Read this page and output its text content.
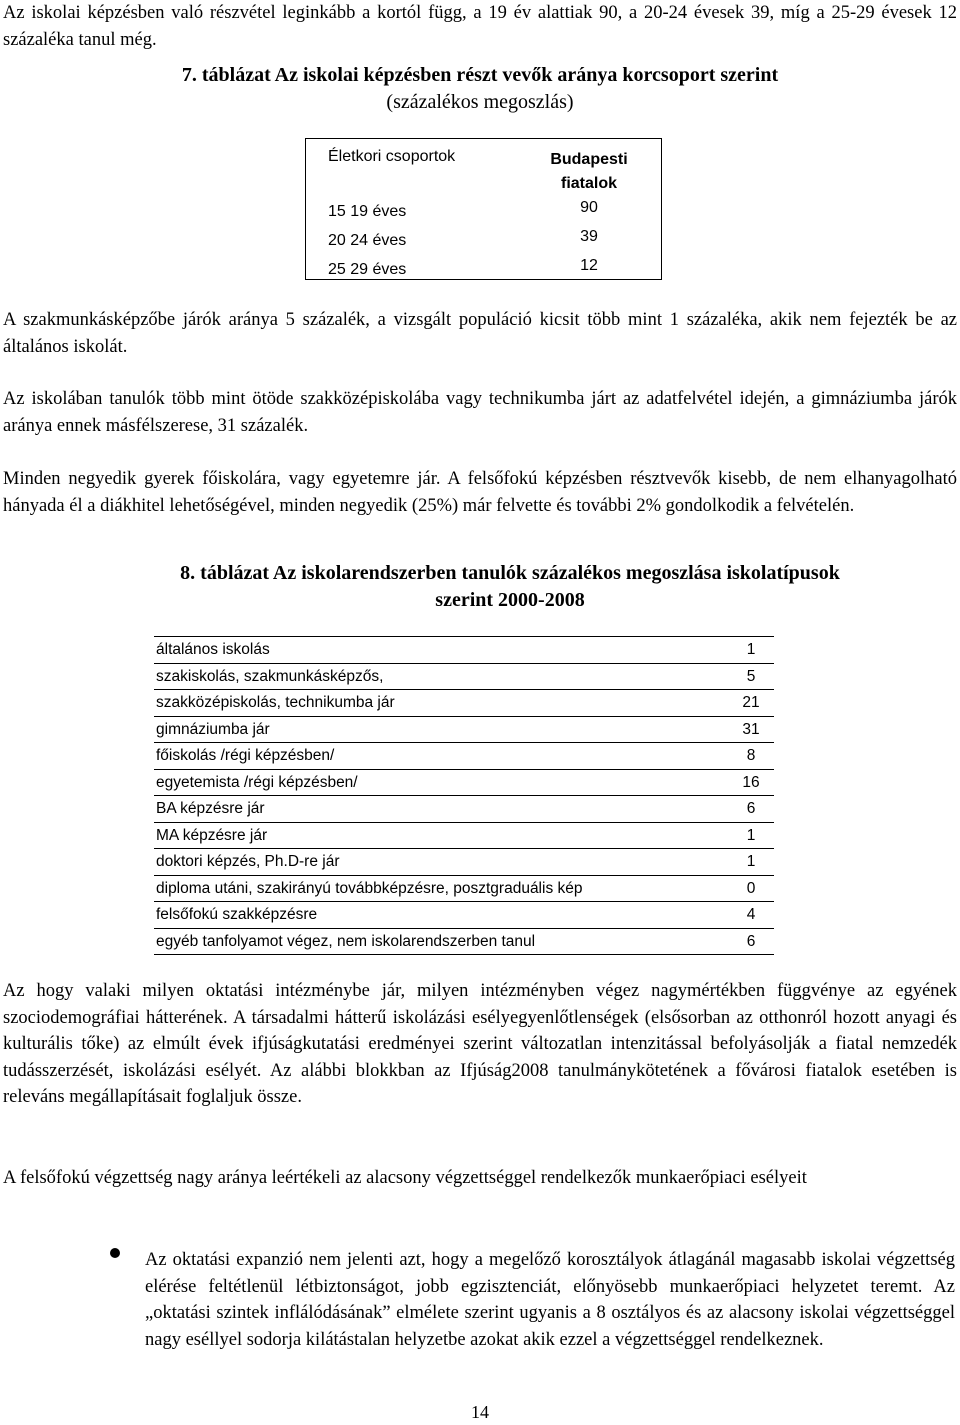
Az iskolai képzésben való részvétel leginkább a kortól függ, a 19 év alattiak 90, a 20-24 évesek 39, míg a 25-29 évesek 12 százaléka tanul még.

7. táblázat Az iskolai képzésben részt vevők aránya korcsoport szerint
(százalékos megoszlás)

Életkori csoportok	Budapesti
fiatalok
15 19 éves	90
20 24 éves	39
25 29 éves	12

A szakmunkásképzőbe járók aránya 5 százalék, a vizsgált populáció kicsit több mint 1 százaléka, akik nem fejezték be az általános iskolát.

Az iskolában tanulók több mint ötöde szakközépiskolába vagy technikumba járt az adatfelvétel idején, a gimnáziumba járók aránya ennek másfélszerese, 31 százalék.

Minden negyedik gyerek főiskolára, vagy egyetemre jár. A felsőfokú képzésben résztvevők kisebb, de nem elhanyagolható hányada él a diákhitel lehetőségével, minden negyedik (25%) már felvette és további 2% gondolkodik a felvételén.

8. táblázat Az iskolarendszerben tanulók százalékos megoszlása iskolatípusok
szerint 2000-2008

általános iskolás	1
szakiskolás, szakmunkásképzős,	5
szakközépiskolás, technikumba jár	21
gimnáziumba jár	31
főiskolás /régi képzésben/	8
egyetemista /régi képzésben/	16
BA képzésre jár	6
MA képzésre jár	1
doktori képzés, Ph.D-re jár	1
diploma utáni, szakirányú továbbképzésre, posztgraduális kép	0
felsőfokú szakképzésre	4
egyéb tanfolyamot végez, nem iskolarendszerben tanul	6

Az hogy valaki milyen oktatási intézménybe jár, milyen intézményben végez nagymértékben függvénye az egyének szociodemográfiai hátterének. A társadalmi hátterű iskolázási esélyegyenlőtlenségek (elsősorban az otthonról hozott anyagi és kulturális tőke) az elmúlt évek ifjúságkutatási eredményei szerint változatlan intenzitással befolyásolják a fiatal nemzedék tudásszerzését, iskolázási esélyét. Az alábbi blokkban az Ifjúság2008 tanulmánykötetének a fővárosi fiatalok esetében is releváns megállapításait foglaljuk össze.

A felsőfokú végzettség nagy aránya leértékeli az alacsony végzettséggel rendelkezők munkaerőpiaci esélyeit

Az oktatási expanzió nem jelenti azt, hogy a megelőző korosztályok átlagánál magasabb iskolai végzettség elérése feltétlenül létbiztonságot, jobb egzisztenciát, előnyösebb munkaerőpiaci helyzetet teremt. Az „oktatási szintek inflálódásának” elmélete szerint ugyanis a 8 osztályos és az alacsony iskolai végzettséggel nagy eséllyel sodorja kilátástalan helyzetbe azokat akik ezzel a végzettséggel rendelkeznek.

14
